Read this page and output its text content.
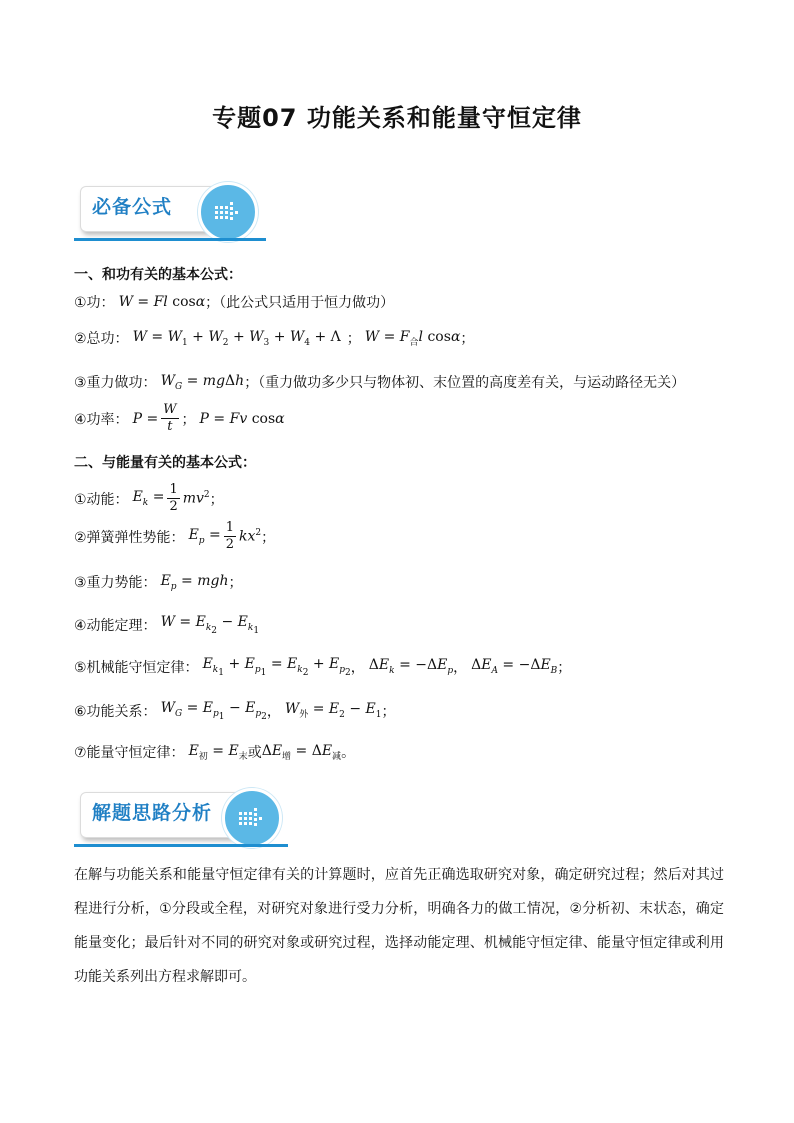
专题07 功能关系和能量守恒定律
必备公式
一、和功有关的基本公式：
①功： W = Fl cosα ；（此公式只适用于恒力做功）
②总功： $W = W_1 + W_2 + W_3 + W_4 + \Lambda$ ； $W = F_合l$ cosα ；
③重力做功： $W_G = mg\Delta h$ ；（重力做功多少只与物体初、末位置的高度差有关，与运动路径无关）
④功率： $P = \frac{W}{t}$ ； P = Fv cosα
二、与能量有关的基本公式：
①动能： $E_k = \frac{1}{2} mv^2$ ；
②弹簧弹性势能： $E_p = \frac{1}{2} kx^2$ ；
③重力势能： $E_p$ = mgh ；
④动能定理： $W = E_{k_2} - E_{k_1}$
⑤机械能守恒定律： $E_{k_1} + E_{p_1} = E_{k_2} + E_{p_2}$ ， $\Delta E_k = -\Delta E_p$ ， $\Delta E_A = -\Delta E_B$ ；
⑥功能关系： $W_G = E_{p_1} - E_{p_2}$ ， $W_外 = E_2 - E_1$ ；
⑦能量守恒定律： $E_初 = E_末$ 或 $\Delta E_增 = \Delta E_减$ 。
解题思路分析
在解与功能关系和能量守恒定律有关的计算题时，应首先正确选取研究对象，确定研究过程；然后对其过程进行分析，①分段或全程，对研究对象进行受力分析，明确各力的做工情况，②分析初、末状态，确定能量变化；最后针对不同的研究对象或研究过程，选择动能定理、机械能守恒定律、能量守恒定律或利用功能关系列出方程求解即可。
